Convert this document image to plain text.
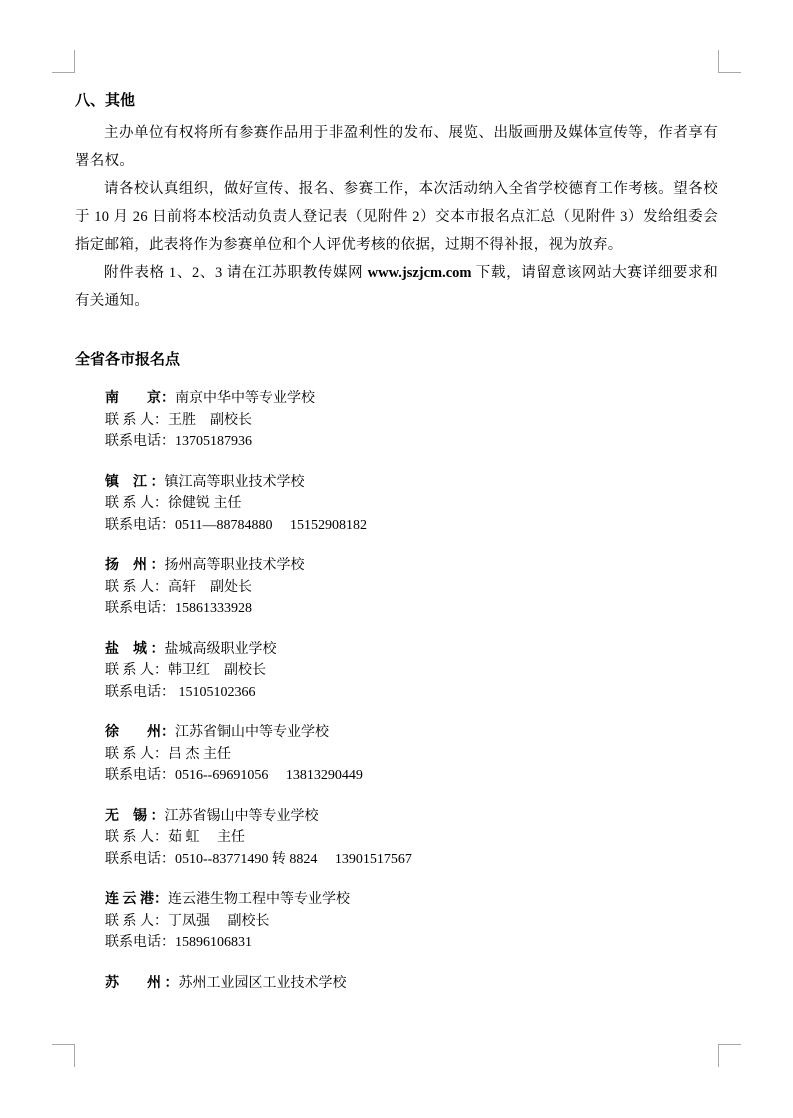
八、其他

主办单位有权将所有参赛作品用于非盈利性的发布、展览、出版画册及媒体宣传等，作者享有署名权。

请各校认真组织，做好宣传、报名、参赛工作，本次活动纳入全省学校德育工作考核。望各校于 10 月 26 日前将本校活动负责人登记表（见附件 2）交本市报名点汇总（见附件 3）发给组委会指定邮箱，此表将作为参赛单位和个人评优考核的依据，过期不得补报，视为放弃。

附件表格 1、2、3 请在江苏职教传媒网 www.jszjcm.com 下载，请留意该网站大赛详细要求和有关通知。

全省各市报名点
南　　京：南京中华中等专业学校
联 系 人：王胜　副校长
联系电话：13705187936
镇　江 ：镇江高等职业技术学校
联 系 人：徐健锐 主任
联系电话：0511—88784880　 15152908182
扬　州 ：扬州高等职业技术学校
联 系 人：高轩　副处长
联系电话：15861333928
盐　城 ：盐城高级职业学校
联 系 人：韩卫红　副校长
联系电话： 15105102366
徐　　州：江苏省铜山中等专业学校
联 系 人：吕 杰 主任
联系电话：0516--69691056　 13813290449
无　锡 ：江苏省锡山中等专业学校
联 系 人：茹 虹　 主任
联系电话：0510--83771490 转 8824　 13901517567
连 云 港：连云港生物工程中等专业学校
联 系 人：丁凤强　 副校长
联系电话：15896106831
苏　　州 ：苏州工业园区工业技术学校
